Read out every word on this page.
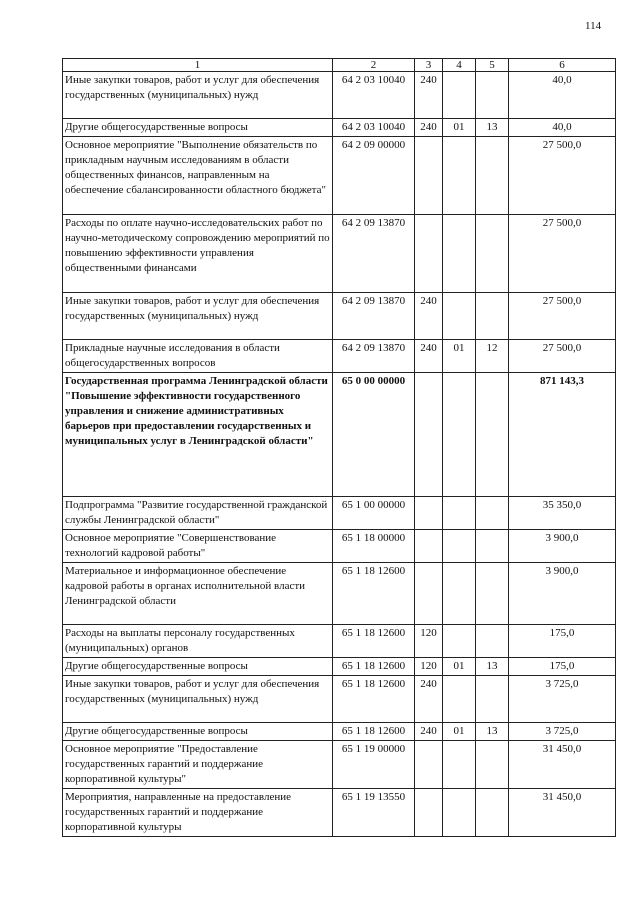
114
1	2	3	4	5	6
Иные закупки товаров, работ и услуг для обеспечения государственных (муниципальных) нужд	64 2 03 10040	240			40,0
Другие общегосударственные вопросы	64 2 03 10040	240	01	13	40,0
Основное мероприятие "Выполнение обязательств по прикладным научным исследованиям в области общественных финансов, направленным на обеспечение сбалансированности областного бюджета"	64 2 09 00000				27 500,0
Расходы по оплате научно-исследовательских работ по научно-методическому сопровождению мероприятий по повышению эффективности управления общественными финансами	64 2 09 13870				27 500,0
Иные закупки товаров, работ и услуг для обеспечения государственных (муниципальных) нужд	64 2 09 13870	240			27 500,0
Прикладные научные исследования в области общегосударственных вопросов	64 2 09 13870	240	01	12	27 500,0
Государственная программа Ленинградской области "Повышение эффективности государственного управления и снижение административных барьеров при предоставлении государственных и муниципальных услуг в Ленинградской области"	65 0 00 00000				871 143,3
Подпрограмма "Развитие государственной гражданской службы Ленинградской области"	65 1 00 00000				35 350,0
Основное мероприятие "Совершенствование технологий кадровой работы"	65 1 18 00000				3 900,0
Материальное и информационное обеспечение кадровой работы в органах исполнительной власти Ленинградской области	65 1 18 12600				3 900,0
Расходы на выплаты персоналу государственных (муниципальных) органов	65 1 18 12600	120			175,0
Другие общегосударственные вопросы	65 1 18 12600	120	01	13	175,0
Иные закупки товаров, работ и услуг для обеспечения государственных (муниципальных) нужд	65 1 18 12600	240			3 725,0
Другие общегосударственные вопросы	65 1 18 12600	240	01	13	3 725,0
Основное мероприятие "Предоставление государственных гарантий и поддержание корпоративной культуры"	65 1 19 00000				31 450,0
Мероприятия, направленные на предоставление государственных гарантий и поддержание корпоративной культуры	65 1 19 13550				31 450,0
